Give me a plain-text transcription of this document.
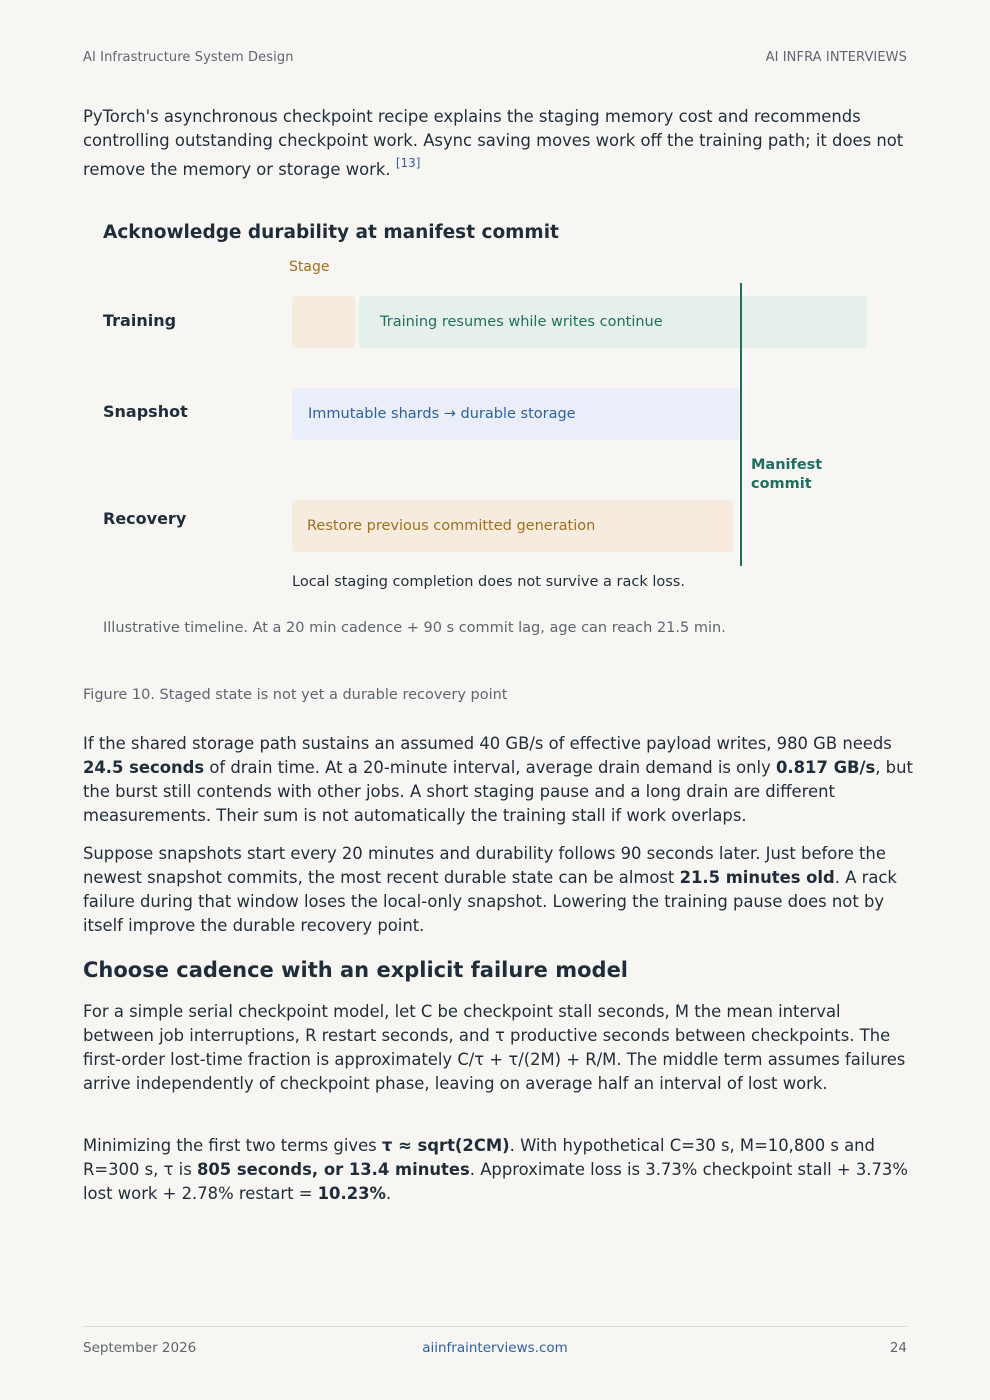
AI Infrastructure System Design	AI INFRA INTERVIEWS

PyTorch's asynchronous checkpoint recipe explains the staging memory cost and recommends controlling outstanding checkpoint work. Async saving moves work off the training path; it does not remove the memory or storage work. [13]

Acknowledge durability at manifest commit
Stage
Training
Snapshot
Recovery
Training resumes while writes continue
Immutable shards → durable storage
Restore previous committed generation
Manifest commit
Local staging completion does not survive a rack loss.
Illustrative timeline. At a 20 min cadence + 90 s commit lag, age can reach 21.5 min.
Figure 10. Staged state is not yet a durable recovery point

If the shared storage path sustains an assumed 40 GB/s of effective payload writes, 980 GB needs 24.5 seconds of drain time. At a 20-minute interval, average drain demand is only 0.817 GB/s, but the burst still contends with other jobs. A short staging pause and a long drain are different measurements. Their sum is not automatically the training stall if work overlaps.

Suppose snapshots start every 20 minutes and durability follows 90 seconds later. Just before the newest snapshot commits, the most recent durable state can be almost 21.5 minutes old. A rack failure during that window loses the local-only snapshot. Lowering the training pause does not by itself improve the durable recovery point.

Choose cadence with an explicit failure model

For a simple serial checkpoint model, let C be checkpoint stall seconds, M the mean interval between job interruptions, R restart seconds, and τ productive seconds between checkpoints. The first-order lost-time fraction is approximately C/τ + τ/(2M) + R/M. The middle term assumes failures arrive independently of checkpoint phase, leaving on average half an interval of lost work.

Minimizing the first two terms gives τ ≈ sqrt(2CM). With hypothetical C=30 s, M=10,800 s and R=300 s, τ is 805 seconds, or 13.4 minutes. Approximate loss is 3.73% checkpoint stall + 3.73% lost work + 2.78% restart = 10.23%.

September 2026	aiinfrainterviews.com	24
